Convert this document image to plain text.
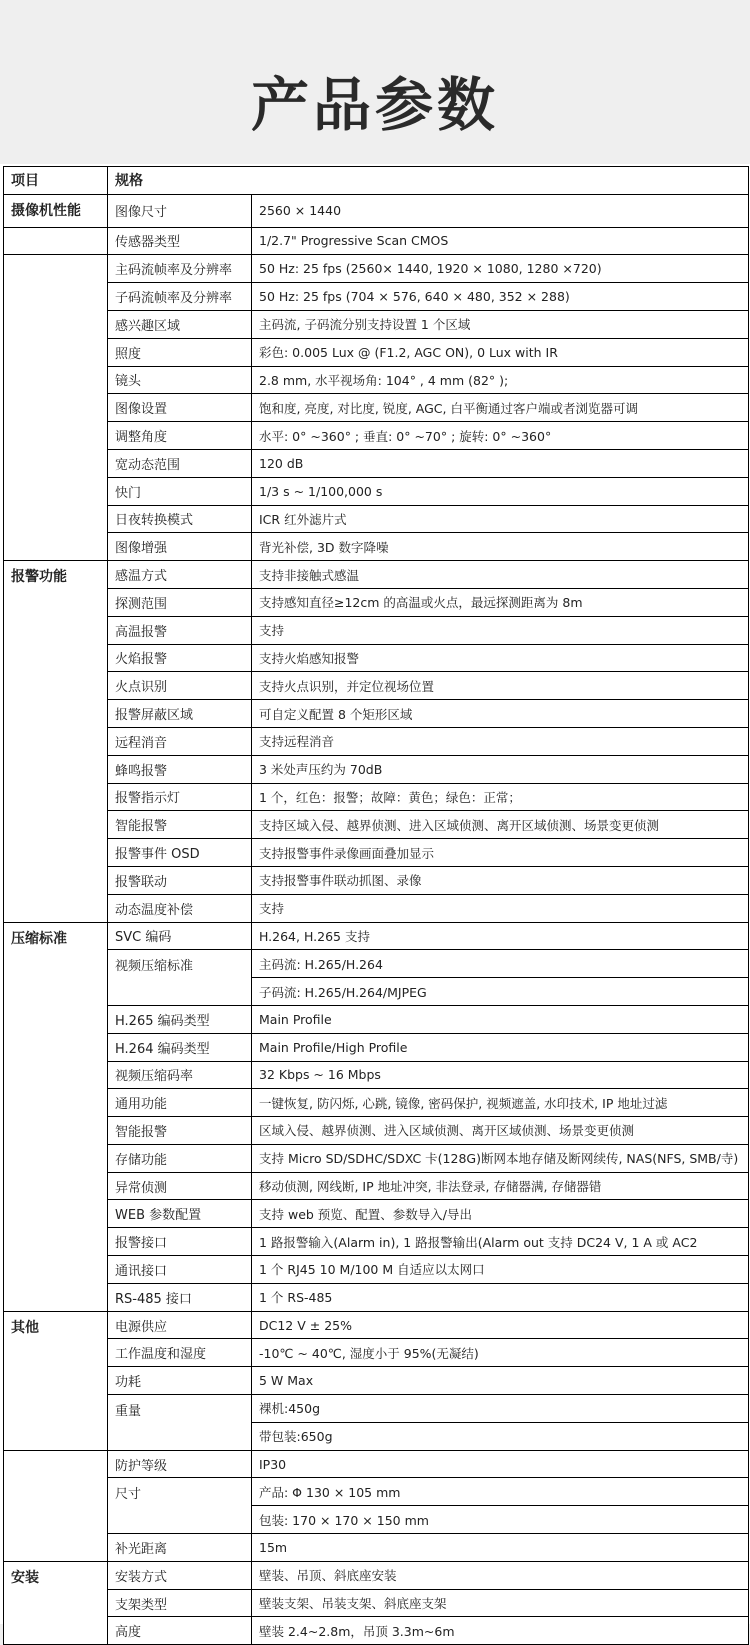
产品参数
项目	规格	
摄像机性能	图像尺寸	2560 × 1440
	传感器类型	1/2.7" Progressive Scan CMOS
	主码流帧率及分辨率	50 Hz: 25 fps (2560× 1440, 1920 × 1080, 1280 ×720)
	子码流帧率及分辨率	50 Hz: 25 fps (704 × 576, 640 × 480, 352 × 288)
	感兴趣区域	主码流, 子码流分别支持设置 1 个区域
	照度	彩色: 0.005 Lux @ (F1.2, AGC ON), 0 Lux with IR
	镜头	2.8 mm, 水平视场角: 104° , 4 mm (82° );
	图像设置	饱和度, 亮度, 对比度, 锐度, AGC, 白平衡通过客户端或者浏览器可调
	调整角度	水平: 0° ~360° ; 垂直: 0° ~70° ; 旋转: 0° ~360°
	宽动态范围	120 dB
	快门	1/3 s ~ 1/100,000 s
	日夜转换模式	ICR 红外滤片式
	图像增强	背光补偿, 3D 数字降噪
报警功能	感温方式	支持非接触式感温
	探测范围	支持感知直径≥12cm 的高温或火点，最远探测距离为 8m
	高温报警	支持
	火焰报警	支持火焰感知报警
	火点识别	支持火点识别，并定位视场位置
	报警屏蔽区域	可自定义配置 8 个矩形区域
	远程消音	支持远程消音
	蜂鸣报警	3 米处声压约为 70dB
	报警指示灯	1 个，红色：报警；故障：黄色；绿色：正常；
	智能报警	支持区域入侵、越界侦测、进入区域侦测、离开区域侦测、场景变更侦测
	报警事件 OSD	支持报警事件录像画面叠加显示
	报警联动	支持报警事件联动抓图、录像
	动态温度补偿	支持
压缩标准	SVC 编码	H.264, H.265 支持
	视频压缩标准	主码流: H.265/H.264
		子码流: H.265/H.264/MJPEG
	H.265 编码类型	Main Profile
	H.264 编码类型	Main Profile/High Profile
	视频压缩码率	32 Kbps ~ 16 Mbps
	通用功能	一键恢复, 防闪烁, 心跳, 镜像, 密码保护, 视频遮盖, 水印技术, IP 地址过滤
	智能报警	区域入侵、越界侦测、进入区域侦测、离开区域侦测、场景变更侦测
	存储功能	支持 Micro SD/SDHC/SDXC 卡(128G)断网本地存储及断网续传, NAS(NFS, SMB/寺)
	异常侦测	移动侦测, 网线断, IP 地址冲突, 非法登录, 存储器满, 存储器错
	WEB 参数配置	支持 web 预览、配置、参数导入/导出
	报警接口	1 路报警输入(Alarm in), 1 路报警输出(Alarm out 支持 DC24 V, 1 A 或 AC2
	通讯接口	1 个 RJ45 10 M/100 M 自适应以太网口
	RS-485 接口	1 个 RS-485
其他	电源供应	DC12 V ± 25%
	工作温度和湿度	-10℃ ~ 40℃, 湿度小于 95%(无凝结)
	功耗	5 W Max
	重量	裸机:450g
		带包装:650g
	防护等级	IP30
	尺寸	产品: Φ 130 × 105 mm
		包装: 170 × 170 × 150 mm
	补光距离	15m
安装	安装方式	壁装、吊顶、斜底座安装
	支架类型	壁装支架、吊装支架、斜底座支架
	高度	壁装 2.4~2.8m，吊顶 3.3m~6m
